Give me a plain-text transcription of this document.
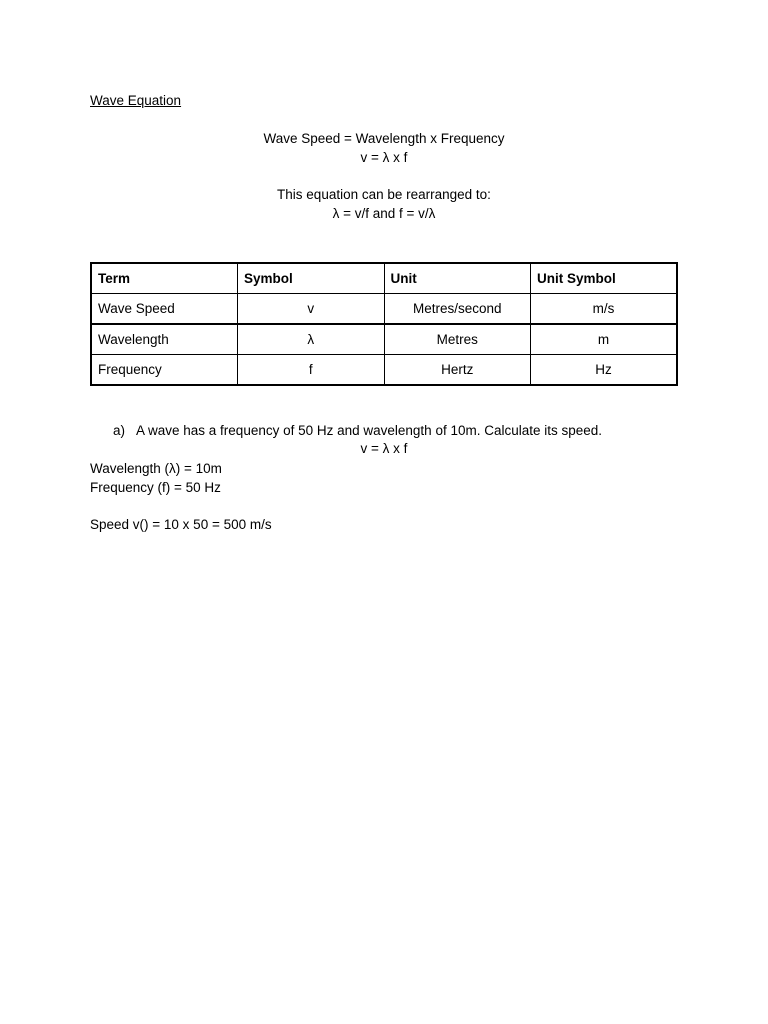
Wave Equation
Wave Speed = Wavelength x Frequency
v = λ x f
This equation can be rearranged to:
λ = v/f and f = v/λ
Term	Symbol	Unit	Unit Symbol
Wave Speed	v	Metres/second	m/s
Wavelength	λ	Metres	m
Frequency	f	Hertz	Hz
a) A wave has a frequency of 50 Hz and wavelength of 10m. Calculate its speed.
v = λ x f
Wavelength (λ) = 10m
Frequency (f) = 50 Hz
Speed v() = 10 x 50 = 500 m/s
